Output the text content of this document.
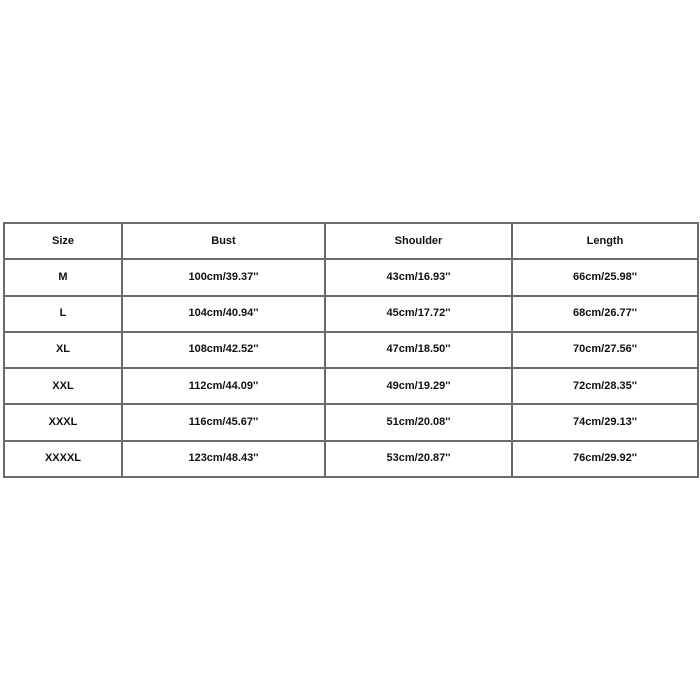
Size	Bust	Shoulder	Length
M	100cm/39.37''	43cm/16.93''	66cm/25.98''
L	104cm/40.94''	45cm/17.72''	68cm/26.77''
XL	108cm/42.52''	47cm/18.50''	70cm/27.56''
XXL	112cm/44.09''	49cm/19.29''	72cm/28.35''
XXXL	116cm/45.67''	51cm/20.08''	74cm/29.13''
XXXXL	123cm/48.43''	53cm/20.87''	76cm/29.92''
